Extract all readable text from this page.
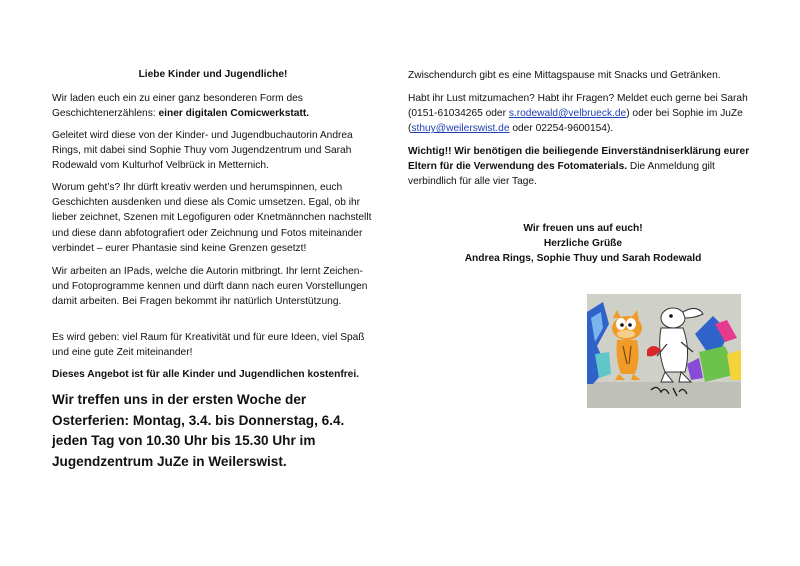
Liebe Kinder und Jugendliche!

Wir laden euch ein zu einer ganz besonderen Form des Geschichtenerzählens: einer digitalen Comicwerkstatt.

Geleitet wird diese von der Kinder- und Jugendbuchautorin Andrea Rings, mit dabei sind Sophie Thuy vom Jugendzentrum und Sarah Rodewald vom Kulturhof Velbrück in Metternich.

Worum geht’s? Ihr dürft kreativ werden und herumspinnen, euch Geschichten ausdenken und diese als Comic umsetzen. Egal, ob ihr lieber zeichnet, Szenen mit Legofiguren oder Knetmännchen nachstellt und diese dann abfotografiert oder Zeichnung und Fotos miteinander verbindet – eurer Phantasie sind keine Grenzen gesetzt!

Wir arbeiten an IPads, welche die Autorin mitbringt. Ihr lernt Zeichen- und Fotoprogramme kennen und dürft dann nach euren Vorstellungen damit arbeiten. Bei Fragen bekommt ihr natürlich Unterstützung.

Es wird geben: viel Raum für Kreativität und für eure Ideen, viel Spaß und eine gute Zeit miteinander!

Dieses Angebot ist für alle Kinder und Jugendlichen kostenfrei.

Wir treffen uns in der ersten Woche der Osterferien: Montag, 3.4. bis Donnerstag, 6.4. jeden Tag von 10.30 Uhr bis 15.30 Uhr im Jugendzentrum JuZe in Weilerswist.

Zwischendurch gibt es eine Mittagspause mit Snacks und Getränken.

Habt ihr Lust mitzumachen? Habt ihr Fragen? Meldet euch gerne bei Sarah (0151-61034265 oder s.rodewald@velbrueck.de) oder bei Sophie im JuZe (sthuy@weilerswist.de oder 02254-9600154).

Wichtig!! Wir benötigen die beiliegende Einverständniserklärung eurer Eltern für die Verwendung des Fotomaterials. Die Anmeldung gilt verbindlich für alle vier Tage.

Wir freuen uns auf euch!

Herzliche Grüße

Andrea Rings, Sophie Thuy und Sarah Rodewald
